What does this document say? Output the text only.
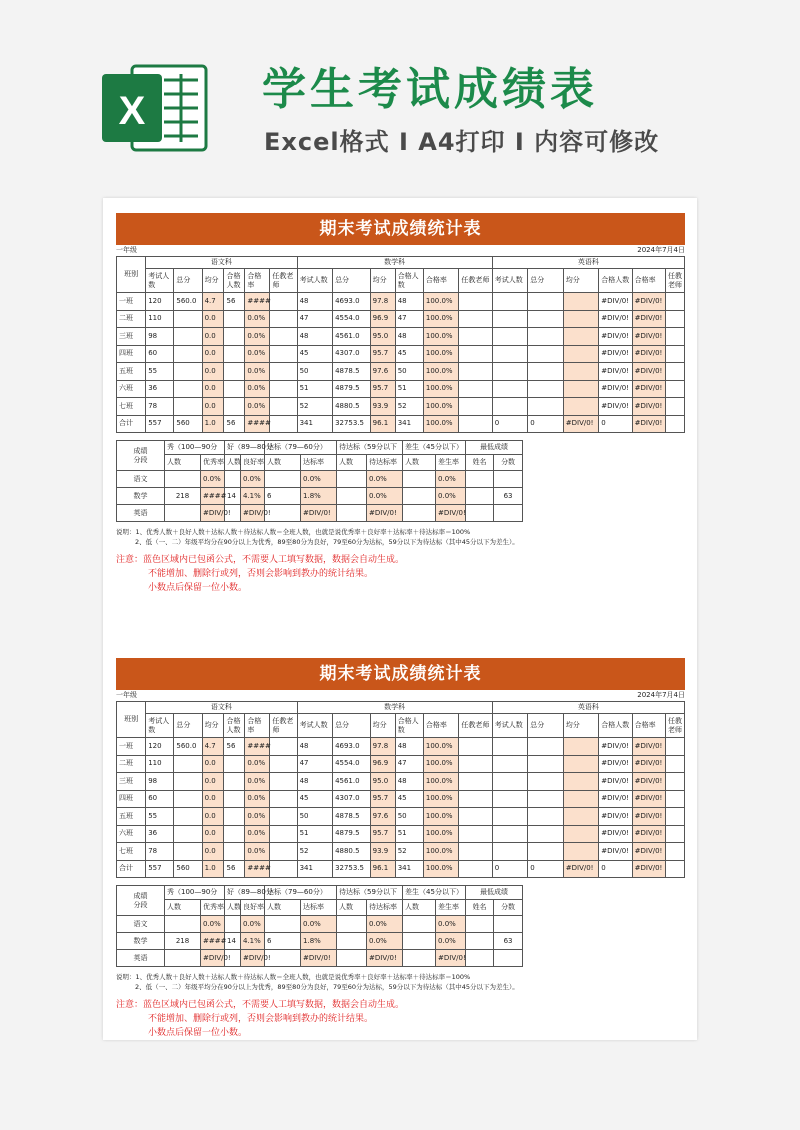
X	学生考试成绩表
Excel格式 I A4打印 I 内容可修改
期末考试成绩统计表
一年级	2024年7月4日
班别	语文科						数学科						英语科					
	考试人数	总分	均分	合格人数	合格率	任教老师	考试人数	总分	均分	合格人数	合格率	任教老师	考试人数	总分	均分	合格人数	合格率	任教老师
一班	120	560.0	4.7	56	####		48	4693.0	97.8	48	100.0%					#DIV/0!	#DIV/0!	
二班	110		0.0		0.0%		47	4554.0	96.9	47	100.0%					#DIV/0!	#DIV/0!	
三班	98		0.0		0.0%		48	4561.0	95.0	48	100.0%					#DIV/0!	#DIV/0!	
四班	60		0.0		0.0%		45	4307.0	95.7	45	100.0%					#DIV/0!	#DIV/0!	
五班	55		0.0		0.0%		50	4878.5	97.6	50	100.0%					#DIV/0!	#DIV/0!	
六班	36		0.0		0.0%		51	4879.5	95.7	51	100.0%					#DIV/0!	#DIV/0!	
七班	78		0.0		0.0%		52	4880.5	93.9	52	100.0%					#DIV/0!	#DIV/0!	
合计	557	560	1.0	56	####		341	32753.5	96.1	341	100.0%		0	0	#DIV/0!	0	#DIV/0!	
成绩
分段	秀（100—90分		好（89—80分		达标（79—60分）		待达标（59分以下		差生（45分以下）		最低成绩	
	人数	优秀率	人数	良好率	人数	达标率	人数	待达标率	人数	差生率	姓名	分数
语文		0.0%		0.0%		0.0%		0.0%		0.0%		
数学	218	####	14	4.1%	6	1.8%		0.0%		0.0%		63
英语		#DIV/0!		#DIV/0!		#DIV/0!		#DIV/0!		#DIV/0!		
说明：1、优秀人数＋良好人数＋达标人数＋待达标人数＝全班人数，也就是说优秀率＋良好率＋达标率＋待达标率＝100%
2、低（一、二）年级平均分在90分以上为优秀，89至80分为良好，79至60分为达标，59分以下为待达标（其中45分以下为差生）。
注意：蓝色区域内已包函公式，不需要人工填写数据，数据会自动生成。
不能增加、删除行或列，否则会影响到教办的统计结果。
小数点后保留一位小数。
期末考试成绩统计表
一年级	2024年7月4日
班别	语文科						数学科						英语科					
	考试人数	总分	均分	合格人数	合格率	任教老师	考试人数	总分	均分	合格人数	合格率	任教老师	考试人数	总分	均分	合格人数	合格率	任教老师
一班	120	560.0	4.7	56	####		48	4693.0	97.8	48	100.0%					#DIV/0!	#DIV/0!	
二班	110		0.0		0.0%		47	4554.0	96.9	47	100.0%					#DIV/0!	#DIV/0!	
三班	98		0.0		0.0%		48	4561.0	95.0	48	100.0%					#DIV/0!	#DIV/0!	
四班	60		0.0		0.0%		45	4307.0	95.7	45	100.0%					#DIV/0!	#DIV/0!	
五班	55		0.0		0.0%		50	4878.5	97.6	50	100.0%					#DIV/0!	#DIV/0!	
六班	36		0.0		0.0%		51	4879.5	95.7	51	100.0%					#DIV/0!	#DIV/0!	
七班	78		0.0		0.0%		52	4880.5	93.9	52	100.0%					#DIV/0!	#DIV/0!	
合计	557	560	1.0	56	####		341	32753.5	96.1	341	100.0%		0	0	#DIV/0!	0	#DIV/0!	
成绩
分段	秀（100—90分		好（89—80分		达标（79—60分）		待达标（59分以下		差生（45分以下）		最低成绩	
	人数	优秀率	人数	良好率	人数	达标率	人数	待达标率	人数	差生率	姓名	分数
语文		0.0%		0.0%		0.0%		0.0%		0.0%		
数学	218	####	14	4.1%	6	1.8%		0.0%		0.0%		63
英语		#DIV/0!		#DIV/0!		#DIV/0!		#DIV/0!		#DIV/0!		
说明：1、优秀人数＋良好人数＋达标人数＋待达标人数＝全班人数，也就是说优秀率＋良好率＋达标率＋待达标率＝100%
2、低（一、二）年级平均分在90分以上为优秀，89至80分为良好，79至60分为达标，59分以下为待达标（其中45分以下为差生）。
注意：蓝色区域内已包函公式，不需要人工填写数据，数据会自动生成。
不能增加、删除行或列，否则会影响到教办的统计结果。
小数点后保留一位小数。
